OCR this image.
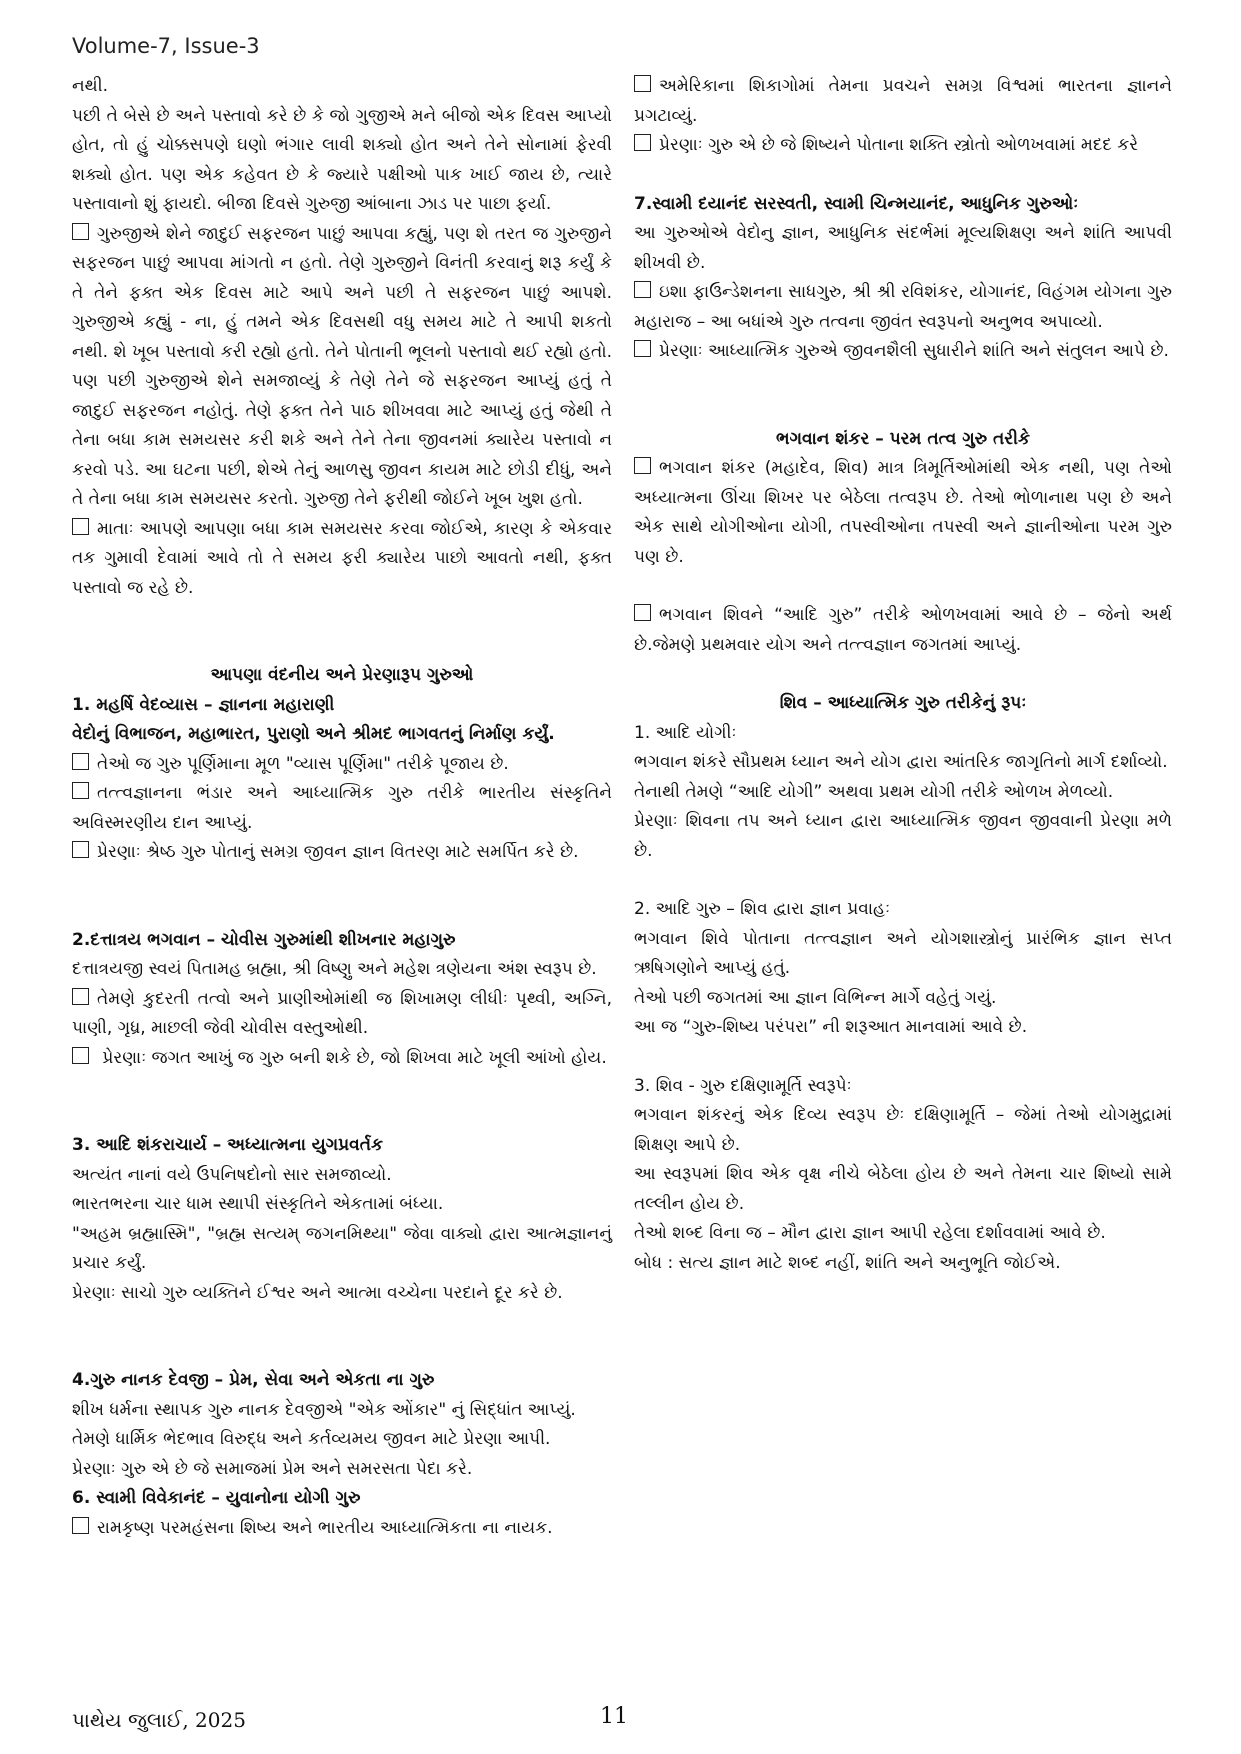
Volume-7, Issue-3

નથી.

પછી તે બેસે છે અને પસ્તાવો કરે છે કે જો ગુજીએ મને બીજો એક દિવસ આપ્યો હોત, તો હું ચોક્કસપણે ઘણો ભંગાર લાવી શક્યો હોત અને તેને સોનામાં ફેરવી શક્યો હોત. પણ એક કહેવત છે કે જ્યારે પક્ષીઓ પાક ખાઈ જાય છે, ત્યારે પસ્તાવાનો શું ફાયદો. બીજા દિવસે ગુરુજી આંબાના ઝાડ પર પાછા ફર્યા.

ગુરુજીએ શેને જાદુઈ સફરજન પાછું આપવા કહ્યું, પણ શે તરત જ ગુરુજીને સફરજન પાછું આપવા માંગતો ન હતો. તેણે ગુરુજીને વિનંતી કરવાનું શરૂ કર્યું કે તે તેને ફક્ત એક દિવસ માટે આપે અને પછી તે સફરજન પાછું આપશે. ગુરુજીએ કહ્યું - ના, હું તમને એક દિવસથી વધુ સમય માટે તે આપી શકતો નથી. શે ખૂબ પસ્તાવો કરી રહ્યો હતો. તેને પોતાની ભૂલનો પસ્તાવો થઈ રહ્યો હતો. પણ પછી ગુરુજીએ શેને સમજાવ્યું કે તેણે તેને જે સફરજન આપ્યું હતું તે જાદુઈ સફરજન નહોતું. તેણે ફક્ત તેને પાઠ શીખવવા માટે આપ્યું હતું જેથી તે તેના બધા કામ સમયસર કરી શકે અને તેને તેના જીવનમાં ક્યારેય પસ્તાવો ન કરવો પડે. આ ઘટના પછી, શેએ તેનું આળસુ જીવન કાયમ માટે છોડી દીધું, અને તે તેના બધા કામ સમયસર કરતો. ગુરુજી તેને ફરીથી જોઈને ખૂબ ખુશ હતો.

માતાઃ આપણે આપણા બધા કામ સમયસર કરવા જોઈએ, કારણ કે એકવાર તક ગુમાવી દેવામાં આવે તો તે સમય ફરી ક્યારેય પાછો આવતો નથી, ફક્ત પસ્તાવો જ રહે છે.

આપણા વંદનીય અને પ્રેરણારૂપ ગુરુઓ

1. મહર્ષિ વેદવ્યાસ – જ્ઞાનના મહારાણી

વેદોનું વિભાજન, મહાભારત, પુરાણો અને શ્રીમદ ભાગવતનું નિર્માણ કર્યું.

તેઓ જ ગુરુ પૂર્ણિમાના મૂળ "વ્યાસ પૂર્ણિમા" તરીકે પૂજાય છે.

તત્ત્વજ્ઞાનના ભંડાર અને આધ્યાત્મિક ગુરુ તરીકે ભારતીય સંસ્કૃતિને અવિસ્મરણીય દાન આપ્યું.

પ્રેરણાઃ શ્રેષ્ઠ ગુરુ પોતાનું સમગ્ર જીવન જ્ઞાન વિતરણ માટે સમર્પિત કરે છે.

2.દત્તાત્રય ભગવાન – ચોવીસ ગુરુમાંથી શીખનાર મહાગુરુ

દત્તાત્રયજી સ્વયં પિતામહ બ્રહ્મા, શ્રી વિષ્ણુ અને મહેશ ત્રણેયના અંશ સ્વરૂપ છે.

તેમણે કુદરતી તત્વો અને પ્રાણીઓમાંથી જ શિખામણ લીધીઃ પૃથ્વી, અગ્નિ, પાણી, ગૃધ્ર, માછલી જેવી ચોવીસ વસ્તુઓથી.

પ્રેરણાઃ જગત આખું જ ગુરુ બની શકે છે, જો શિખવા માટે ખૂલી આંખો હોય.

3. આદિ શંકરાચાર્ય – અધ્યાત્મના યુગપ્રવર્તક

અત્યંત નાનાં વયે ઉપનિષદોનો સાર સમજાવ્યો.

ભારતભરના ચાર ધામ સ્થાપી સંસ્કૃતિને એકતામાં બંધ્યા.

"અહમ બ્રહ્માસ્મિ", "બ્રહ્મ સત્યમ્ જગનમિથ્યા" જેવા વાક્યો દ્વારા આત્મજ્ઞાનનું પ્રચાર કર્યું.

પ્રેરણાઃ સાચો ગુરુ વ્યક્તિને ઈશ્વર અને આત્મા વચ્ચેના પરદાને દૂર કરે છે.

4.ગુરુ નાનક દેવજી – પ્રેમ, સેવા અને એકતા ના ગુરુ

શીખ ધર્મના સ્થાપક ગુરુ નાનક દેવજીએ "એક ઓંકાર" નું સિદ્ધાંત આપ્યું.

તેમણે ધાર્મિક ભેદભાવ વિરુદ્ધ અને કર્તવ્યમય જીવન માટે પ્રેરણા આપી.

પ્રેરણાઃ ગુરુ એ છે જે સમાજમાં પ્રેમ અને સમરસતા પેદા કરે.

6. સ્વામી વિવેકાનંદ – યુવાનોના યોગી ગુરુ

રામકૃષ્ણ પરમહંસના શિષ્ય અને ભારતીય આધ્યાત્મિકતા ના નાયક.

અમેરિકાના શિકાગોમાં તેમના પ્રવચને સમગ્ર વિશ્વમાં ભારતના જ્ઞાનને પ્રગટાવ્યું.

પ્રેરણાઃ ગુરુ એ છે જે શિષ્યને પોતાના શક્તિ સ્ત્રોતો ઓળખવામાં મદદ કરે

7.સ્વામી દયાનંદ સરસ્વતી, સ્વામી ચિન્મયાનંદ, આધુનિક ગુરુઓઃ

આ ગુરુઓએ વેદોનુ જ્ઞાન, આધુનિક સંદર્ભમાં મૂલ્યશિક્ષણ અને શાંતિ આપવી શીખવી છે.

ઇશા ફાઉન્ડેશનના સાધગુરુ, શ્રી શ્રી રવિશંકર, યોગાનંદ, વિહંગમ યોગના ગુરુ મહારાજ – આ બધાંએ ગુરુ તત્વના જીવંત સ્વરૂપનો અનુભવ અપાવ્યો.

પ્રેરણાઃ આધ્યાત્મિક ગુરુએ જીવનશૈલી સુધારીને શાંતિ અને સંતુલન આપે છે.

ભગવાન શંકર – પરમ તત્વ ગુરુ તરીકે

ભગવાન શંકર (મહાદેવ, શિવ) માત્ર ત્રિમૂર્તિઓમાંથી એક નથી, પણ તેઓ અધ્યાત્મના ઊંચા શિખર પર બેઠેલા તત્વરૂપ છે. તેઓ ભોળાનાથ પણ છે અને એક સાથે યોગીઓના યોગી, તપસ્વીઓના તપસ્વી અને જ્ઞાનીઓના પરમ ગુરુ પણ છે.

ભગવાન શિવને “આદિ ગુરુ” તરીકે ઓળખવામાં આવે છે – જેનો અર્થ છે.જેમણે પ્રથમવાર યોગ અને તત્ત્વજ્ઞાન જગતમાં આપ્યું.

શિવ – આધ્યાત્મિક ગુરુ તરીકેનું રૂપઃ

1. આદિ યોગીઃ

ભગવાન શંકરે સૌપ્રથમ ધ્યાન અને યોગ દ્વારા આંતરિક જાગૃતિનો માર્ગ દર્શાવ્યો.

તેનાથી તેમણે “આદિ યોગી” અથવા પ્રથમ યોગી તરીકે ઓળખ મેળવ્યો.

પ્રેરણાઃ શિવના તપ અને ધ્યાન દ્વારા આધ્યાત્મિક જીવન જીવવાની પ્રેરણા મળે છે.

2. આદિ ગુરુ – શિવ દ્વારા જ્ઞાન પ્રવાહઃ

ભગવાન શિવે પોતાના તત્ત્વજ્ઞાન અને યોગશાસ્ત્રોનું પ્રારંભિક જ્ઞાન સપ્ત ઋષિગણોને આપ્યું હતું.

તેઓ પછી જગતમાં આ જ્ઞાન વિભિન્ન માર્ગે વહેતું ગયું.

આ જ “ગુરુ-શિષ્ય પરંપરા” ની શરૂઆત માનવામાં આવે છે.

3. શિવ - ગુરુ દક્ષિણામૂર્તિ સ્વરૂપેઃ

ભગવાન શંકરનું એક દિવ્ય સ્વરૂપ છેઃ દક્ષિણામૂર્તિ – જેમાં તેઓ યોગમુદ્રામાં શિક્ષણ આપે છે.

આ સ્વરૂપમાં શિવ એક વૃક્ષ નીચે બેઠેલા હોય છે અને તેમના ચાર શિષ્યો સામે તલ્લીન હોય છે.

તેઓ શબ્દ વિના જ – મૌન દ્વારા જ્ઞાન આપી રહેલા દર્શાવવામાં આવે છે.

બોધ : સત્ય જ્ઞાન માટે શબ્દ નહીં, શાંતિ અને અનુભૂતિ જોઈએ.

પાથેય જુલાઈ, 2025	11
